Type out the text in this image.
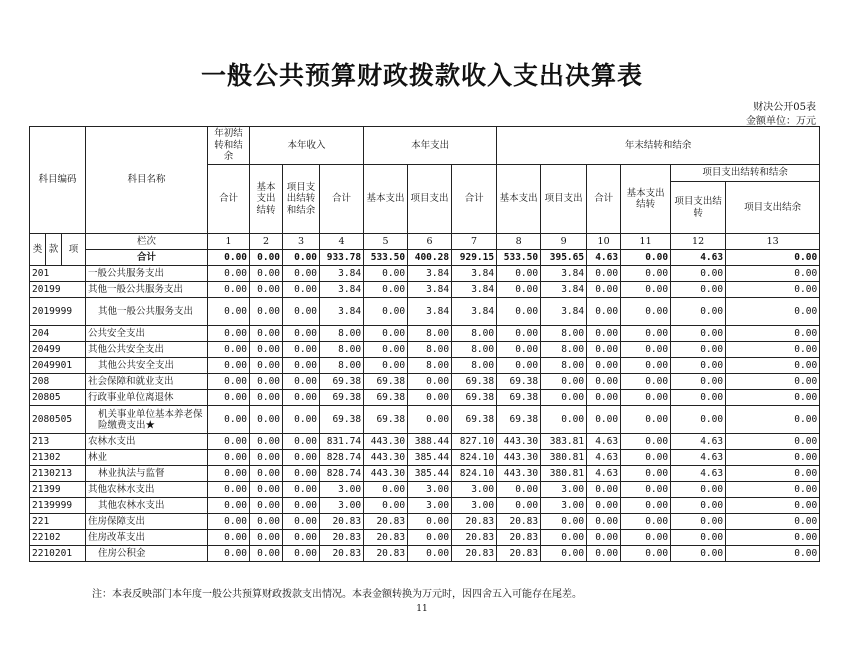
一般公共预算财政拨款收入支出决算表
财决公开05表
金额单位：万元
科目编码			科目名称	年初结转和结余	本年收入			本年支出			年末结转和结余					
				合计	基本支出结转	项目支出结转和结余	合计	基本支出	项目支出	合计	基本支出	项目支出	合计	基本支出结转	项目支出结转和结余	
															项目支出结转	项目支出结余
类	款	项	栏次	1	2	3	4	5	6	7	8	9	10	11	12	13
			合计	0.00	0.00	0.00	933.78	533.50	400.28	929.15	533.50	395.65	4.63	0.00	4.63	0.00
201			一般公共服务支出	0.00	0.00	0.00	3.84	0.00	3.84	3.84	0.00	3.84	0.00	0.00	0.00	0.00
20199			其他一般公共服务支出	0.00	0.00	0.00	3.84	0.00	3.84	3.84	0.00	3.84	0.00	0.00	0.00	0.00
2019999			其他一般公共服务支出	0.00	0.00	0.00	3.84	0.00	3.84	3.84	0.00	3.84	0.00	0.00	0.00	0.00
204			公共安全支出	0.00	0.00	0.00	8.00	0.00	8.00	8.00	0.00	8.00	0.00	0.00	0.00	0.00
20499			其他公共安全支出	0.00	0.00	0.00	8.00	0.00	8.00	8.00	0.00	8.00	0.00	0.00	0.00	0.00
2049901			其他公共安全支出	0.00	0.00	0.00	8.00	0.00	8.00	8.00	0.00	8.00	0.00	0.00	0.00	0.00
208			社会保障和就业支出	0.00	0.00	0.00	69.38	69.38	0.00	69.38	69.38	0.00	0.00	0.00	0.00	0.00
20805			行政事业单位离退休	0.00	0.00	0.00	69.38	69.38	0.00	69.38	69.38	0.00	0.00	0.00	0.00	0.00
2080505			机关事业单位基本养老保险缴费支出★	0.00	0.00	0.00	69.38	69.38	0.00	69.38	69.38	0.00	0.00	0.00	0.00	0.00
213			农林水支出	0.00	0.00	0.00	831.74	443.30	388.44	827.10	443.30	383.81	4.63	0.00	4.63	0.00
21302			林业	0.00	0.00	0.00	828.74	443.30	385.44	824.10	443.30	380.81	4.63	0.00	4.63	0.00
2130213			林业执法与监督	0.00	0.00	0.00	828.74	443.30	385.44	824.10	443.30	380.81	4.63	0.00	4.63	0.00
21399			其他农林水支出	0.00	0.00	0.00	3.00	0.00	3.00	3.00	0.00	3.00	0.00	0.00	0.00	0.00
2139999			其他农林水支出	0.00	0.00	0.00	3.00	0.00	3.00	3.00	0.00	3.00	0.00	0.00	0.00	0.00
221			住房保障支出	0.00	0.00	0.00	20.83	20.83	0.00	20.83	20.83	0.00	0.00	0.00	0.00	0.00
22102			住房改革支出	0.00	0.00	0.00	20.83	20.83	0.00	20.83	20.83	0.00	0.00	0.00	0.00	0.00
2210201			住房公积金	0.00	0.00	0.00	20.83	20.83	0.00	20.83	20.83	0.00	0.00	0.00	0.00	0.00
注：本表反映部门本年度一般公共预算财政拨款支出情况。本表金额转换为万元时，因四舍五入可能存在尾差。
11
